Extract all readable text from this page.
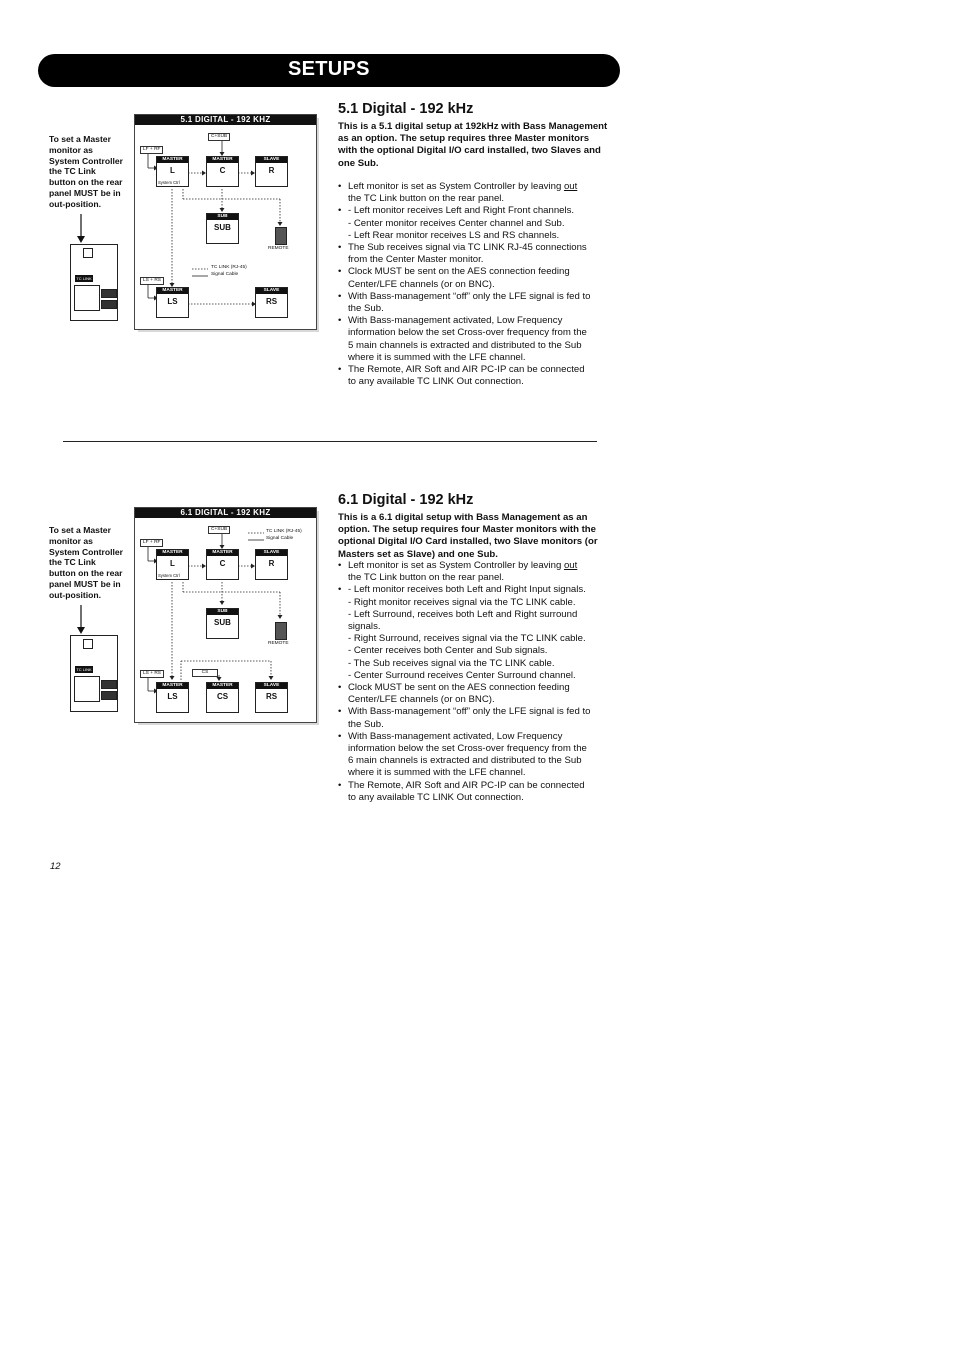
SETUPS
To set a Master
monitor as
System Controller
the TC Link
button on the rear
panel MUST be in
out-position.
TC LINK
5.1 DIGITAL - 192 KHZ
C+SUB
LF + RF
MASTER
L
System Ctrl
MASTER
C
SLAVE
R
SUB
SUB
REMOTE
TC LINK (RJ-45)
Signal Cable
LS + RS
MASTER
LS
SLAVE
RS
5.1 Digital - 192 kHz
This is a 5.1 digital setup at 192kHz with Bass Management as an option. The setup requires three Master monitors with the optional Digital I/O card installed, two Slaves and one Sub.
• Left monitor is set as System Controller by leaving out
the TC Link button on the rear panel.
• - Left monitor receives Left and Right Front channels.
- Center monitor receives Center channel and Sub.
- Left Rear monitor receives LS and RS channels.
• The Sub receives signal via TC LINK RJ-45 connections
from the Center Master monitor.
• Clock MUST be sent on the AES connection feeding
Center/LFE channels (or on BNC).
• With Bass-management “off” only the LFE signal is fed to
the Sub.
• With Bass-management activated, Low Frequency
information below the set Cross-over frequency from the
5 main channels is extracted and distributed to the Sub
where it is summed with the LFE channel.
• The Remote, AIR Soft and AIR PC-IP can be connected
to any available TC LINK Out connection.
To set a Master
monitor as
System Controller
the TC Link
button on the rear
panel MUST be in
out-position.
TC LINK
6.1 DIGITAL - 192 KHZ
C+SUB
LF + RF
TC LINK (RJ-45)
Signal Cable
MASTER
L
System Ctrl
MASTER
C
SLAVE
R
SUB
SUB
REMOTE
LS + RS	CS
MASTER
LS
MASTER
CS
SLAVE
RS
6.1 Digital - 192 kHz
This is a 6.1 digital setup with Bass Management as an option. The setup requires four Master monitors with the optional Digital I/O Card installed, two Slave monitors (or Masters set as Slave) and one Sub.
• Left monitor is set as System Controller by leaving out
the TC Link button on the rear panel.
• - Left monitor receives both Left and Right Input signals.
- Right monitor receives signal via the TC LINK cable.
- Left Surround, receives both Left and Right surround
signals.
- Right Surround, receives signal via the TC LINK cable.
- Center receives both Center and Sub signals.
- The Sub receives signal via the TC LINK cable.
- Center Surround receives Center Surround channel.
• Clock MUST be sent on the AES connection feeding
Center/LFE channels (or on BNC).
• With Bass-management “off” only the LFE signal is fed to
the Sub.
• With Bass-management activated, Low Frequency
information below the set Cross-over frequency from the
6 main channels is extracted and distributed to the Sub
where it is summed with the LFE channel.
• The Remote, AIR Soft and AIR PC-IP can be connected
to any available TC LINK Out connection.
12
